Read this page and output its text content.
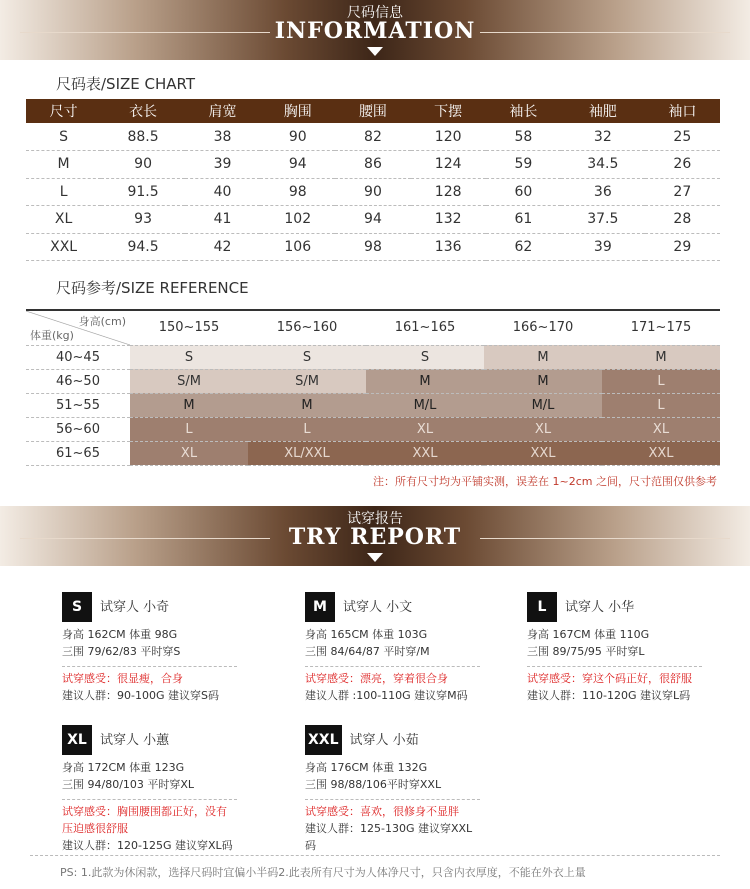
尺码信息
INFORMATION
尺码表/SIZE CHART
尺寸	衣长	肩宽	胸围	腰围	下摆	袖长	袖肥	袖口
S	88.5	38	90	82	120	58	32	25
M	90	39	94	86	124	59	34.5	26
L	91.5	40	98	90	128	60	36	27
XL	93	41	102	94	132	61	37.5	28
XXL	94.5	42	106	98	136	62	39	29
尺码参考/SIZE REFERENCE
身高(cm)
体重(kg)	150~155	156~160	161~165	166~170	171~175
40~45	S	S	S	M	M
46~50	S/M	S/M	M	M	L
51~55	M	M	M/L	M/L	L
56~60	L	L	XL	XL	XL
61~65	XL	XL/XXL	XXL	XXL	XXL
注：所有尺寸均为平铺实测，误差在 1~2cm 之间，尺寸范围仅供参考
试穿报告
TRY REPORT
S	试穿人 小奇
身高 162CM 体重 98G
三围 79/62/83 平时穿S
试穿感受：很显瘦，合身
建议人群：90-100G 建议穿S码
M	试穿人 小文
身高 165CM 体重 103G
三围 84/64/87 平时穿/M
试穿感受：漂亮，穿着很合身
建议人群 :100-110G 建议穿M码
L	试穿人 小华
身高 167CM 体重 110G
三围 89/75/95 平时穿L
试穿感受：穿这个码正好，很舒服
建议人群：110-120G 建议穿L码
XL	试穿人 小蕙
身高 172CM 体重 123G
三围 94/80/103 平时穿XL
试穿感受：胸围腰围都正好，没有压迫感很舒服
建议人群：120-125G 建议穿XL码
XXL 试穿人 小茹
身高 176CM 体重 132G
三围 98/88/106平时穿XXL
试穿感受：喜欢，很修身不显胖
建议人群：125-130G 建议穿XXL码
PS: 1.此款为休闲款，选择尺码时宜偏小半码2.此表所有尺寸为人体净尺寸，只含内衣厚度，不能在外衣上量
